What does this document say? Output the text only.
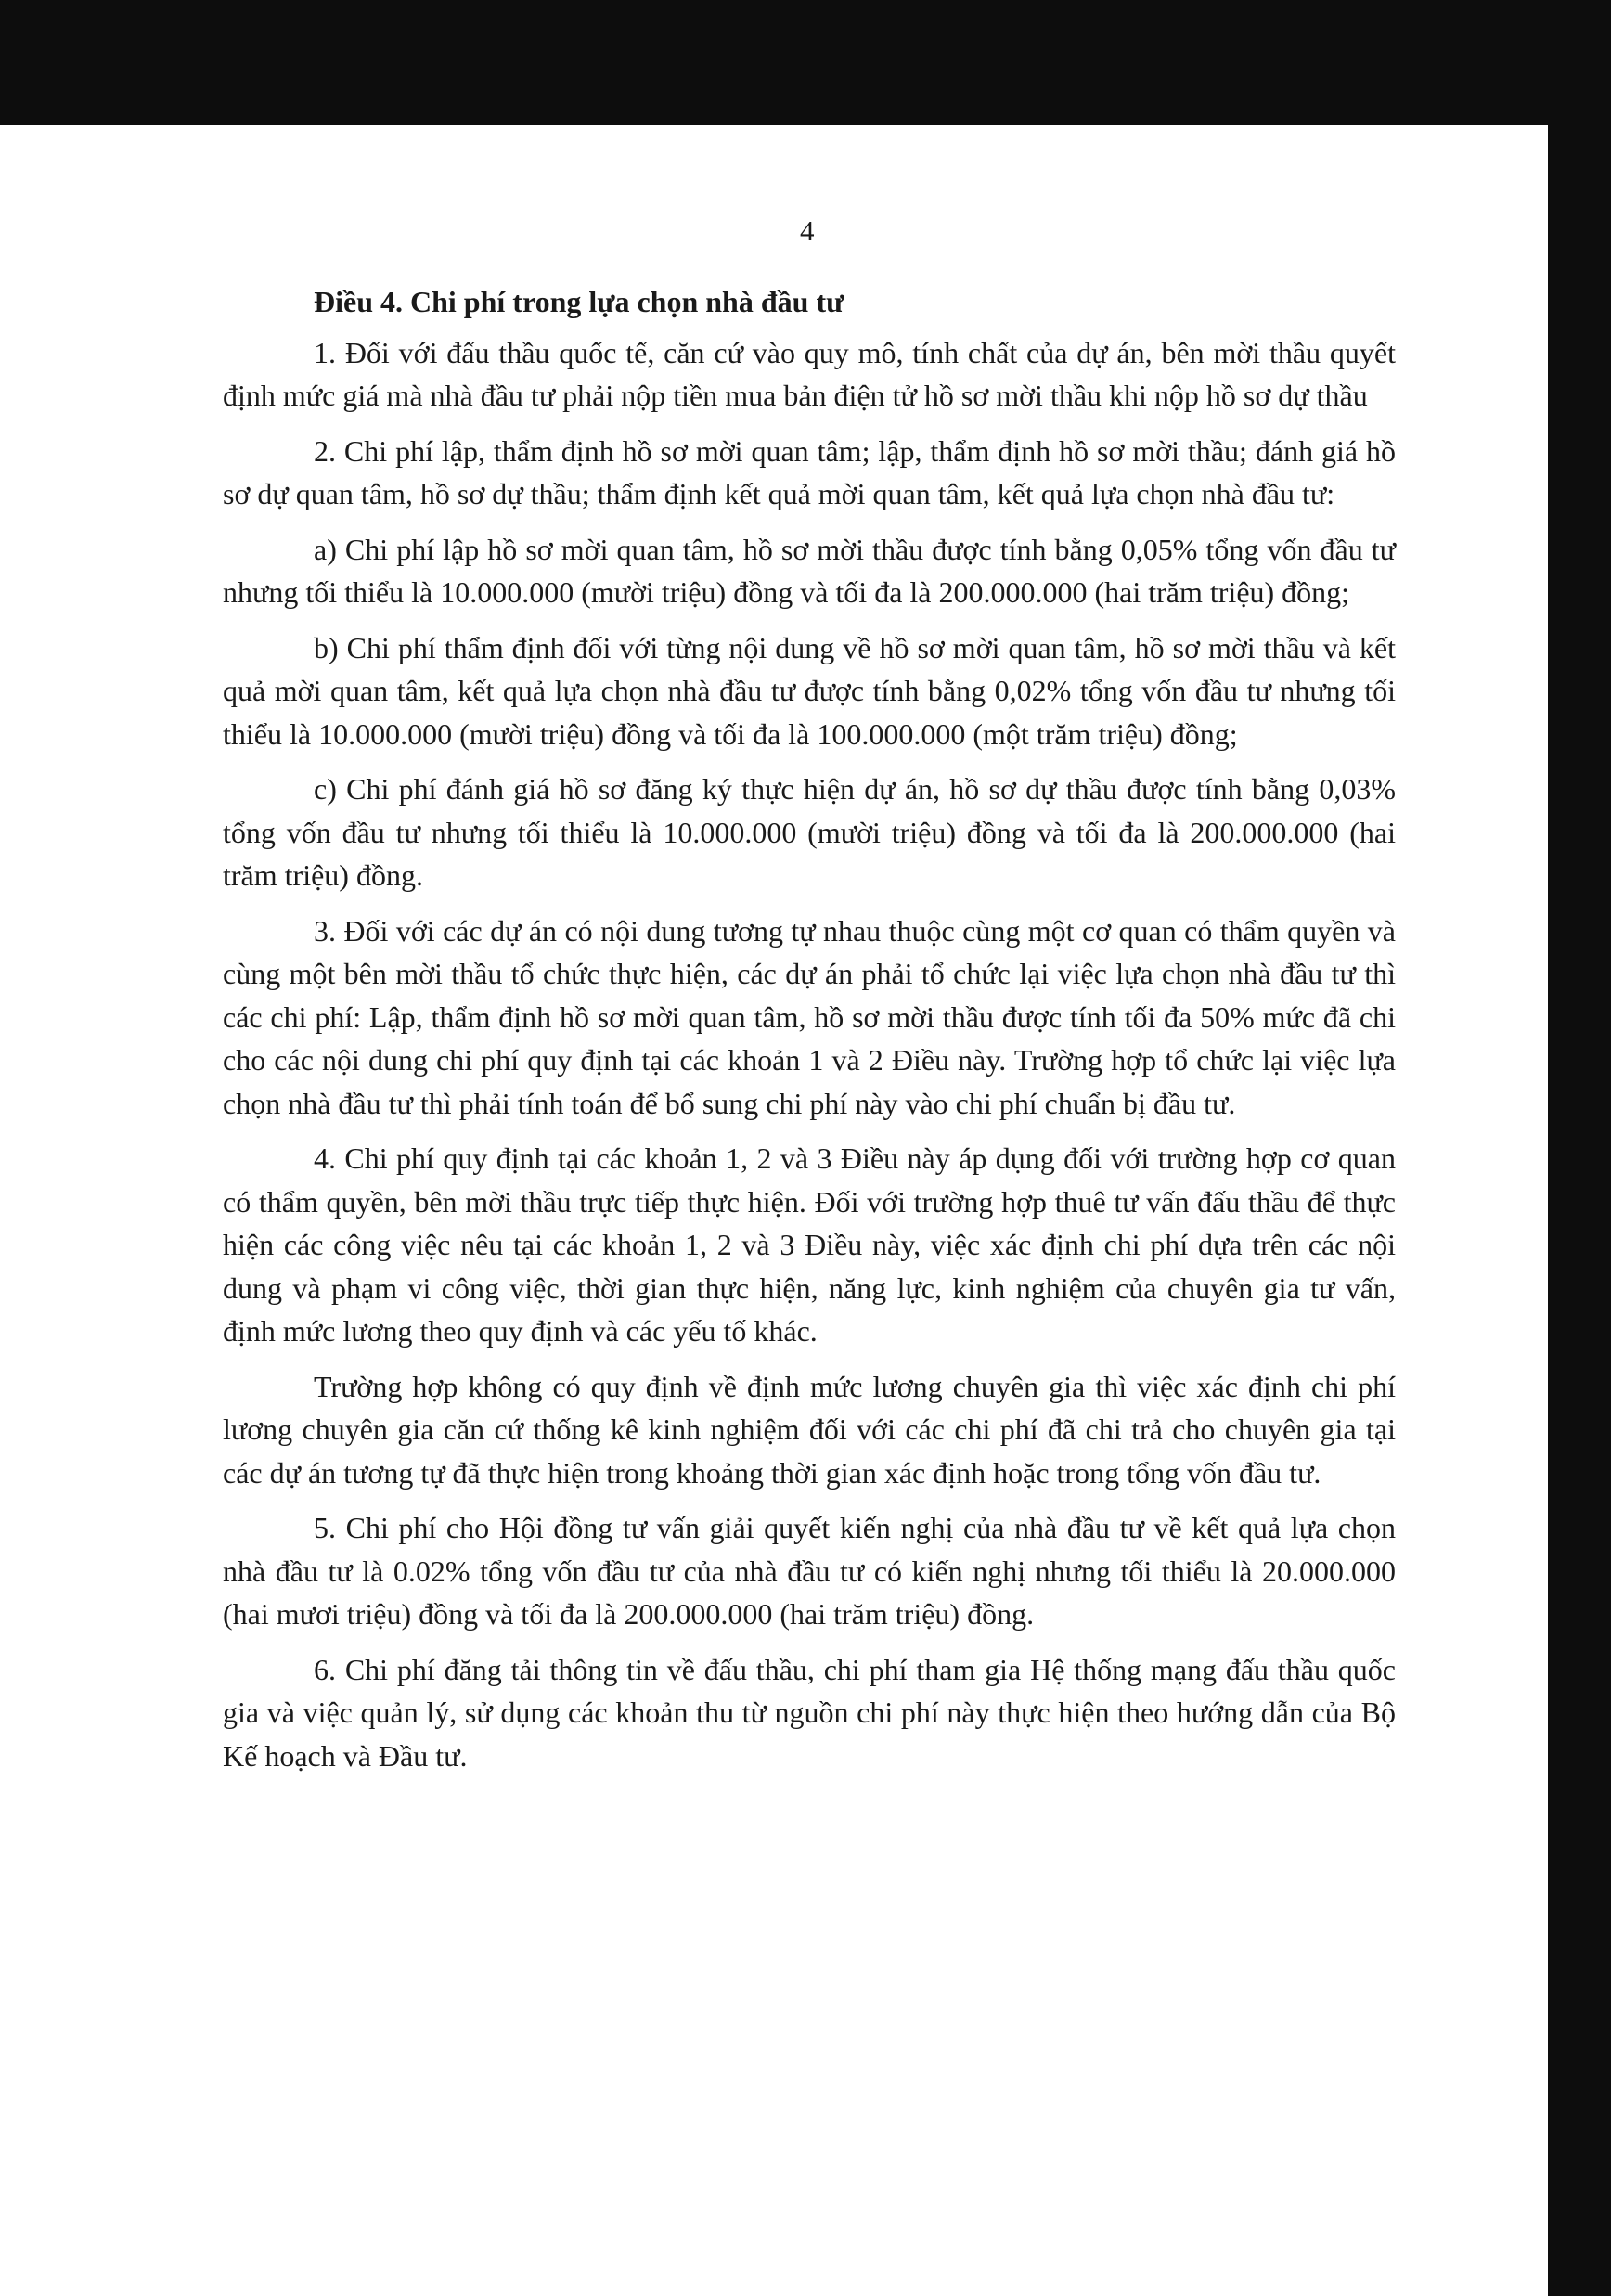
4
Điều 4. Chi phí trong lựa chọn nhà đầu tư

1. Đối với đấu thầu quốc tế, căn cứ vào quy mô, tính chất của dự án, bên mời thầu quyết định mức giá mà nhà đầu tư phải nộp tiền mua bản điện tử hồ sơ mời thầu khi nộp hồ sơ dự thầu

2. Chi phí lập, thẩm định hồ sơ mời quan tâm; lập, thẩm định hồ sơ mời thầu; đánh giá hồ sơ dự quan tâm, hồ sơ dự thầu; thẩm định kết quả mời quan tâm, kết quả lựa chọn nhà đầu tư:

a) Chi phí lập hồ sơ mời quan tâm, hồ sơ mời thầu được tính bằng 0,05% tổng vốn đầu tư nhưng tối thiểu là 10.000.000 (mười triệu) đồng và tối đa là 200.000.000 (hai trăm triệu) đồng;

b) Chi phí thẩm định đối với từng nội dung về hồ sơ mời quan tâm, hồ sơ mời thầu và kết quả mời quan tâm, kết quả lựa chọn nhà đầu tư được tính bằng 0,02% tổng vốn đầu tư nhưng tối thiểu là 10.000.000 (mười triệu) đồng và tối đa là 100.000.000 (một trăm triệu) đồng;

c) Chi phí đánh giá hồ sơ đăng ký thực hiện dự án, hồ sơ dự thầu được tính bằng 0,03% tổng vốn đầu tư nhưng tối thiểu là 10.000.000 (mười triệu) đồng và tối đa là 200.000.000 (hai trăm triệu) đồng.

3. Đối với các dự án có nội dung tương tự nhau thuộc cùng một cơ quan có thẩm quyền và cùng một bên mời thầu tổ chức thực hiện, các dự án phải tổ chức lại việc lựa chọn nhà đầu tư thì các chi phí: Lập, thẩm định hồ sơ mời quan tâm, hồ sơ mời thầu được tính tối đa 50% mức đã chi cho các nội dung chi phí quy định tại các khoản 1 và 2 Điều này. Trường hợp tổ chức lại việc lựa chọn nhà đầu tư thì phải tính toán để bổ sung chi phí này vào chi phí chuẩn bị đầu tư.

4. Chi phí quy định tại các khoản 1, 2 và 3 Điều này áp dụng đối với trường hợp cơ quan có thẩm quyền, bên mời thầu trực tiếp thực hiện. Đối với trường hợp thuê tư vấn đấu thầu để thực hiện các công việc nêu tại các khoản 1, 2 và 3 Điều này, việc xác định chi phí dựa trên các nội dung và phạm vi công việc, thời gian thực hiện, năng lực, kinh nghiệm của chuyên gia tư vấn, định mức lương theo quy định và các yếu tố khác.

Trường hợp không có quy định về định mức lương chuyên gia thì việc xác định chi phí lương chuyên gia căn cứ thống kê kinh nghiệm đối với các chi phí đã chi trả cho chuyên gia tại các dự án tương tự đã thực hiện trong khoảng thời gian xác định hoặc trong tổng vốn đầu tư.

5. Chi phí cho Hội đồng tư vấn giải quyết kiến nghị của nhà đầu tư về kết quả lựa chọn nhà đầu tư là 0.02% tổng vốn đầu tư của nhà đầu tư có kiến nghị nhưng tối thiểu là 20.000.000 (hai mươi triệu) đồng và tối đa là 200.000.000 (hai trăm triệu) đồng.

6. Chi phí đăng tải thông tin về đấu thầu, chi phí tham gia Hệ thống mạng đấu thầu quốc gia và việc quản lý, sử dụng các khoản thu từ nguồn chi phí này thực hiện theo hướng dẫn của Bộ Kế hoạch và Đầu tư.
